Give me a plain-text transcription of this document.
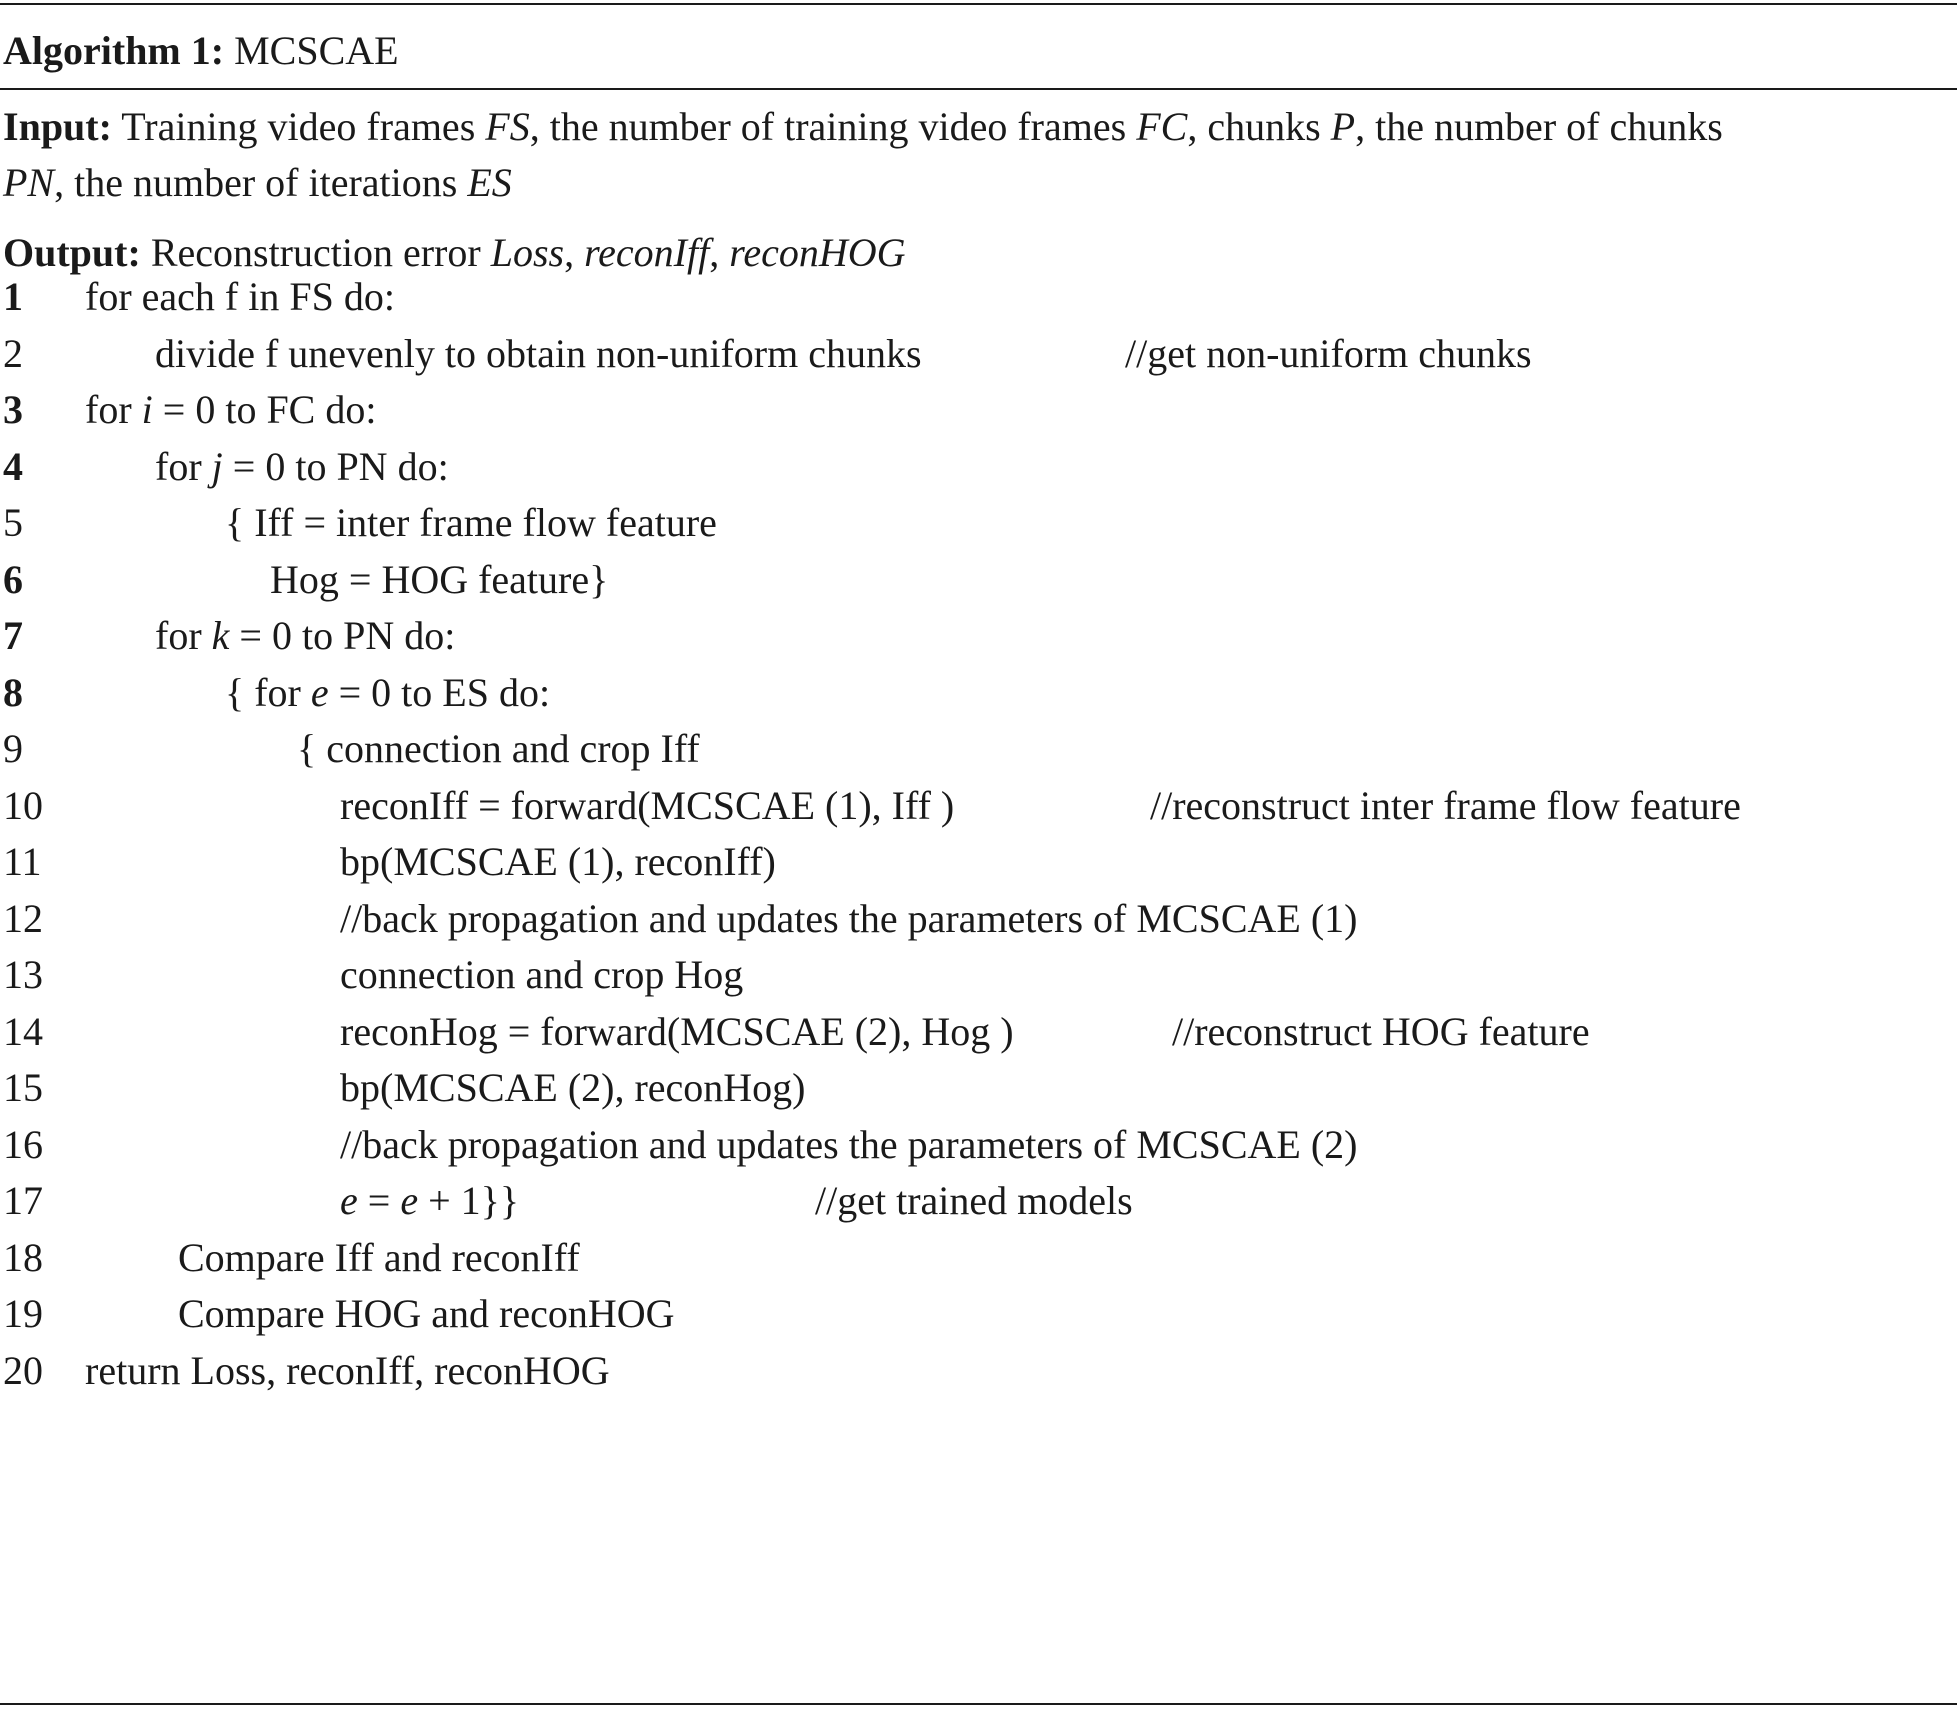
Algorithm 1: MCSCAE
Input: Training video frames FS, the number of training video frames FC, chunks P, the number of chunks
PN, the number of iterations ES
Output: Reconstruction error Loss, reconIff, reconHOG
1 for each f in FS do:
2	divide f unevenly to obtain non-uniform chunks	//get non-uniform chunks
3 for i = 0 to FC do:
4	for j = 0 to PN do:
5	{ Iff = inter frame flow feature
6	Hog = HOG feature}
7	for k = 0 to PN do:
8	{ for e = 0 to ES do:
9	{ connection and crop Iff
10	reconIff = forward(MCSCAE (1), Iff )	//reconstruct inter frame flow feature
11	bp(MCSCAE (1), reconIff)
12	//back propagation and updates the parameters of MCSCAE (1)
13	connection and crop Hog
14	reconHog = forward(MCSCAE (2), Hog )	//reconstruct HOG feature
15	bp(MCSCAE (2), reconHog)
16	//back propagation and updates the parameters of MCSCAE (2)
17	e = e + 1}}	//get trained models
18	Compare Iff and reconIff
19	Compare HOG and reconHOG
20 return Loss, reconIff, reconHOG
